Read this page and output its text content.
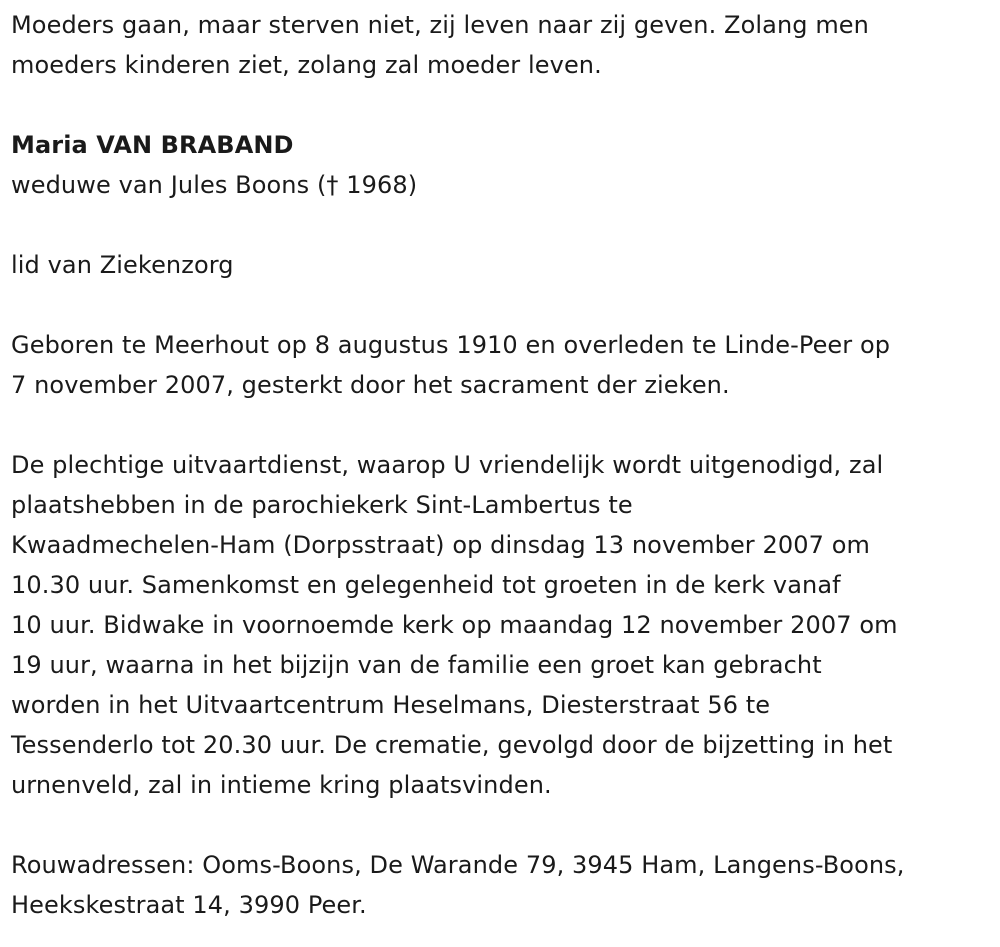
Moeders gaan, maar sterven niet, zij leven naar zij geven. Zolang men
moeders kinderen ziet, zolang zal moeder leven.

Maria VAN BRABAND

weduwe van Jules Boons († 1968)

lid van Ziekenzorg

Geboren te Meerhout op 8 augustus 1910 en overleden te Linde-Peer op
7 november 2007, gesterkt door het sacrament der zieken.

De plechtige uitvaartdienst, waarop U vriendelijk wordt uitgenodigd, zal
plaatshebben in de parochiekerk Sint-Lambertus te
Kwaadmechelen-Ham (Dorpsstraat) op dinsdag 13 november 2007 om
10.30 uur. Samenkomst en gelegenheid tot groeten in de kerk vanaf
10 uur. Bidwake in voornoemde kerk op maandag 12 november 2007 om
19 uur, waarna in het bijzijn van de familie een groet kan gebracht
worden in het Uitvaartcentrum Heselmans, Diesterstraat 56 te
Tessenderlo tot 20.30 uur. De crematie, gevolgd door de bijzetting in het
urnenveld, zal in intieme kring plaatsvinden.

Rouwadressen: Ooms-Boons, De Warande 79, 3945 Ham, Langens-Boons,
Heekskestraat 14, 3990 Peer.
